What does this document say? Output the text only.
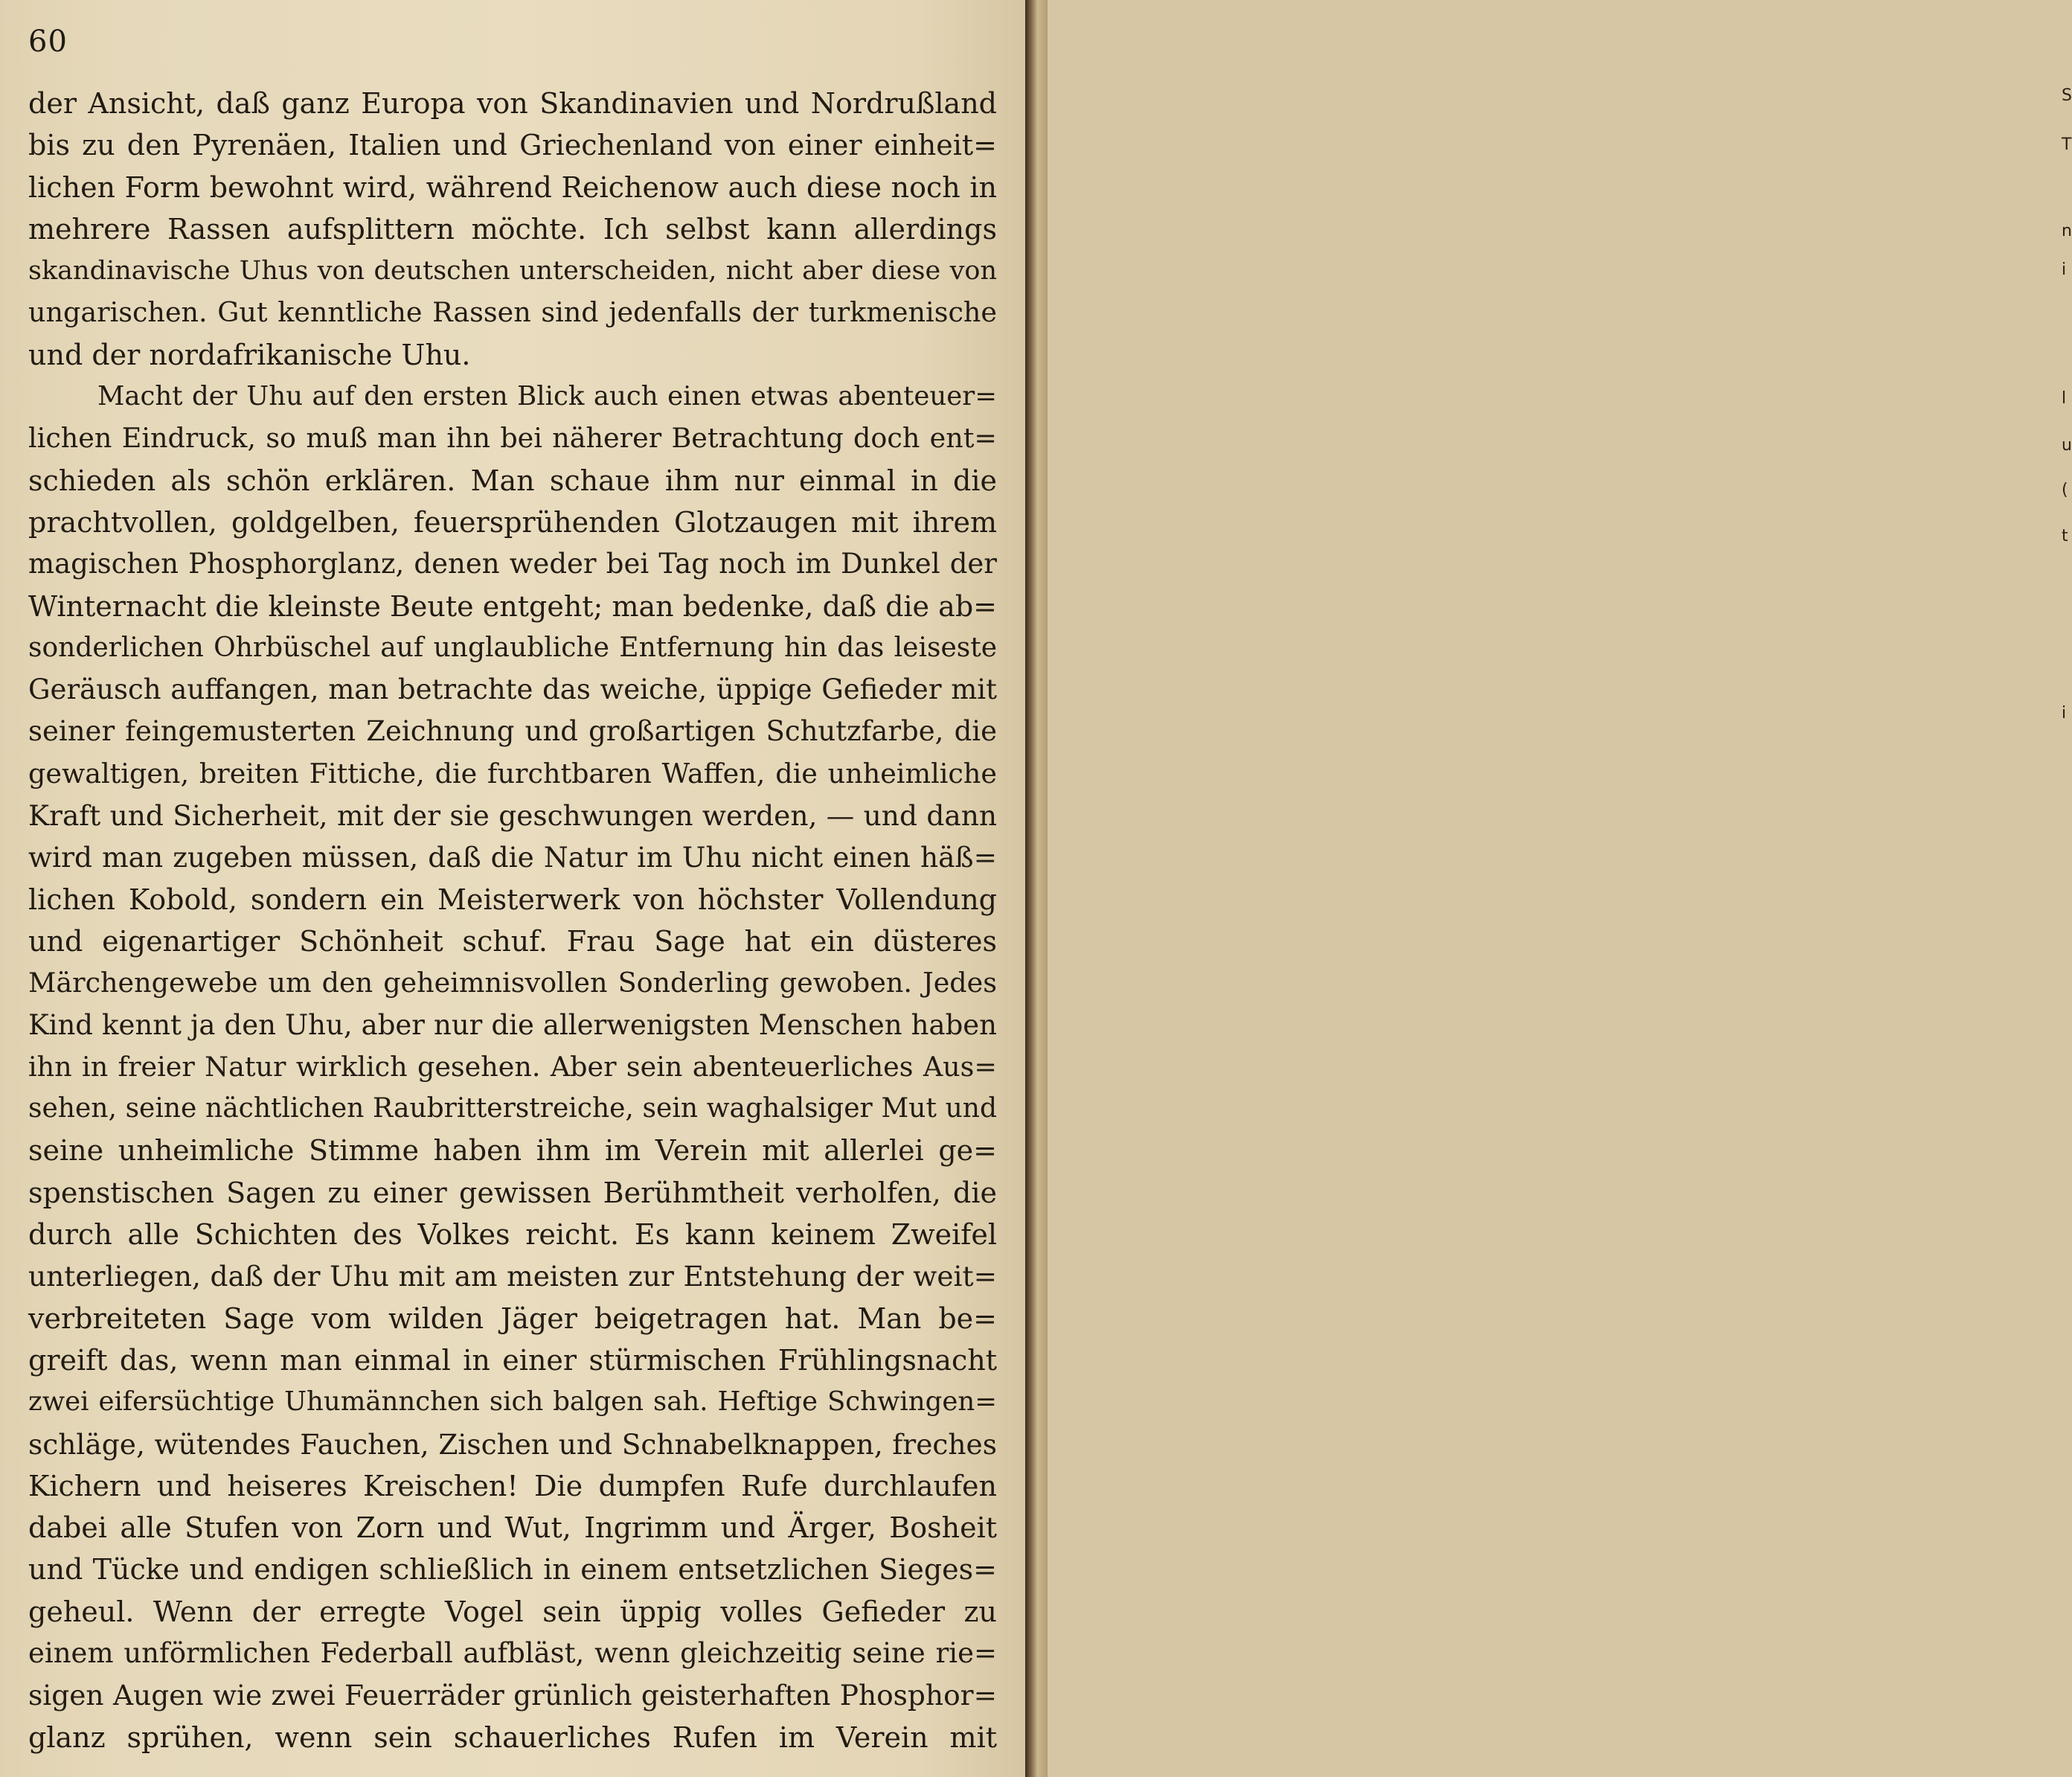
S
T
n
i
l
u
(
t
i
60
der Ansicht, daß ganz Europa von Skandinavien und Nordrußland
bis zu den Pyrenäen, Italien und Griechenland von einer einheit=
lichen Form bewohnt wird, während Reichenow auch diese noch in
mehrere Rassen aufsplittern möchte. Ich selbst kann allerdings
skandinavische Uhus von deutschen unterscheiden, nicht aber diese von
ungarischen. Gut kenntliche Rassen sind jedenfalls der turkmenische
und der nordafrikanische Uhu.
Macht der Uhu auf den ersten Blick auch einen etwas abenteuer=
lichen Eindruck, so muß man ihn bei näherer Betrachtung doch ent=
schieden als schön erklären. Man schaue ihm nur einmal in die
prachtvollen, goldgelben, feuersprühenden Glotzaugen mit ihrem
magischen Phosphorglanz, denen weder bei Tag noch im Dunkel der
Winternacht die kleinste Beute entgeht; man bedenke, daß die ab=
sonderlichen Ohrbüschel auf unglaubliche Entfernung hin das leiseste
Geräusch auffangen, man betrachte das weiche, üppige Gefieder mit
seiner feingemusterten Zeichnung und großartigen Schutzfarbe, die
gewaltigen, breiten Fittiche, die furchtbaren Waffen, die unheimliche
Kraft und Sicherheit, mit der sie geschwungen werden, — und dann
wird man zugeben müssen, daß die Natur im Uhu nicht einen häß=
lichen Kobold, sondern ein Meisterwerk von höchster Vollendung
und eigenartiger Schönheit schuf. Frau Sage hat ein düsteres
Märchengewebe um den geheimnisvollen Sonderling gewoben. Jedes
Kind kennt ja den Uhu, aber nur die allerwenigsten Menschen haben
ihn in freier Natur wirklich gesehen. Aber sein abenteuerliches Aus=
sehen, seine nächtlichen Raubritterstreiche, sein waghalsiger Mut und
seine unheimliche Stimme haben ihm im Verein mit allerlei ge=
spenstischen Sagen zu einer gewissen Berühmtheit verholfen, die
durch alle Schichten des Volkes reicht. Es kann keinem Zweifel
unterliegen, daß der Uhu mit am meisten zur Entstehung der weit=
verbreiteten Sage vom wilden Jäger beigetragen hat. Man be=
greift das, wenn man einmal in einer stürmischen Frühlingsnacht
zwei eifersüchtige Uhumännchen sich balgen sah. Heftige Schwingen=
schläge, wütendes Fauchen, Zischen und Schnabelknappen, freches
Kichern und heiseres Kreischen! Die dumpfen Rufe durchlaufen
dabei alle Stufen von Zorn und Wut, Ingrimm und Ärger, Bosheit
und Tücke und endigen schließlich in einem entsetzlichen Sieges=
geheul. Wenn der erregte Vogel sein üppig volles Gefieder zu
einem unförmlichen Federball aufbläst, wenn gleichzeitig seine rie=
sigen Augen wie zwei Feuerräder grünlich geisterhaften Phosphor=
glanz sprühen, wenn sein schauerliches Rufen im Verein mit
